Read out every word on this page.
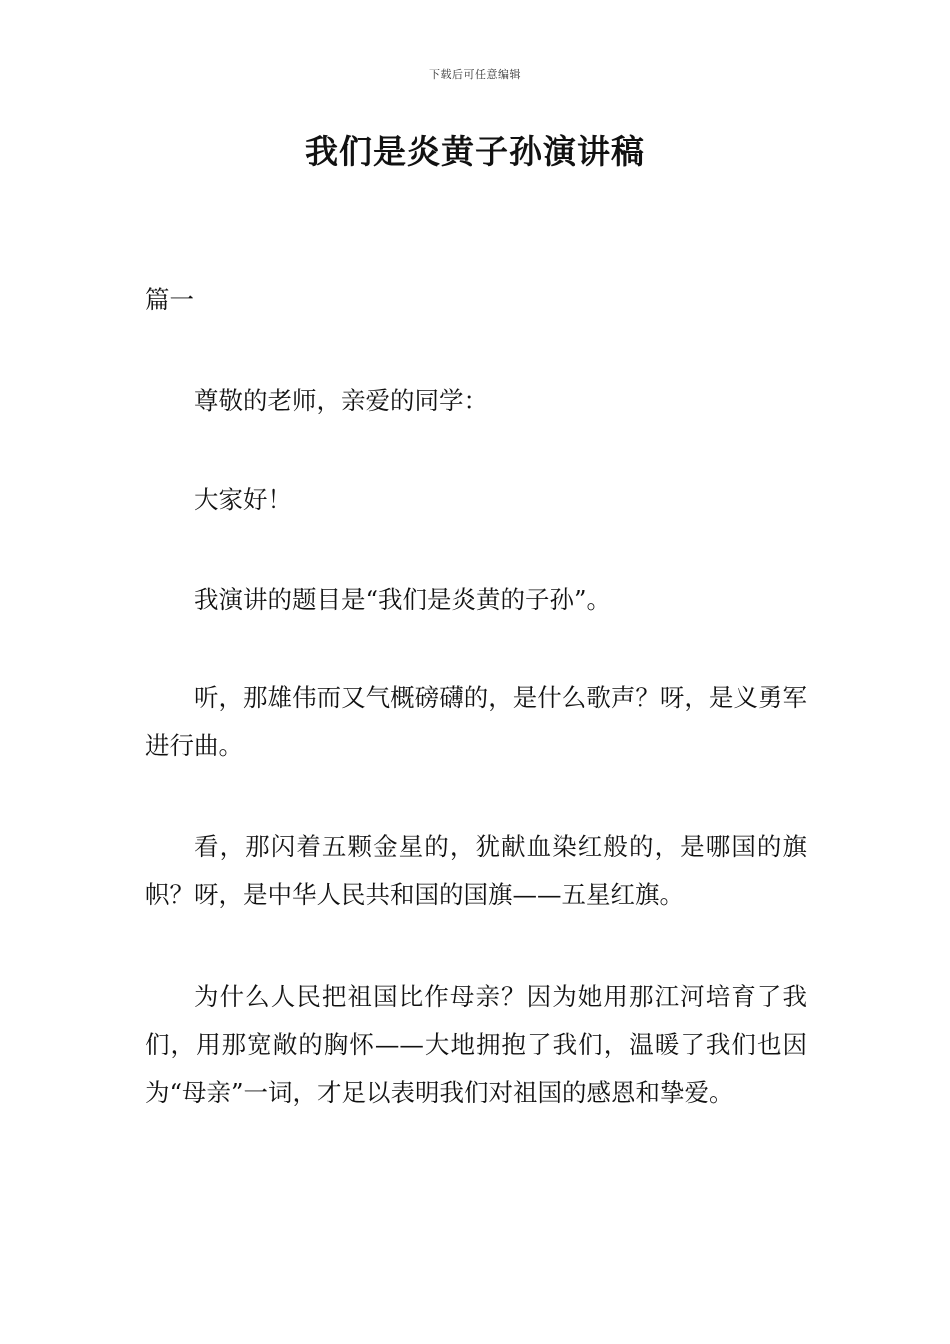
下载后可任意编辑
我们是炎黄子孙演讲稿
篇一
尊敬的老师，亲爱的同学：
大家好！
我演讲的题目是“我们是炎黄的子孙”。
听，那雄伟而又气概磅礴的，是什么歌声？呀，是义勇军进行曲。
看，那闪着五颗金星的，犹献血染红般的，是哪国的旗帜？呀，是中华人民共和国的国旗——五星红旗。
为什么人民把祖国比作母亲？因为她用那江河培育了我们，用那宽敞的胸怀——大地拥抱了我们，温暖了我们也因为“母亲”一词，才足以表明我们对祖国的感恩和挚爱。
